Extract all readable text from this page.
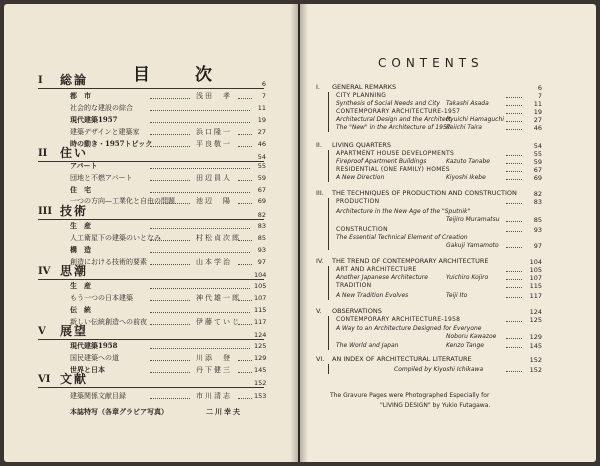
目　次
CONTENTS
I 総論	6
都　市	浅田　孝	7
社会的な建設の綜合	11
現代建築1957	19
建築デザインと建築家	浜口隆一	27
時の動き・1957トピック	平良敬一	46
II 住い	54
アパート	55
団地と不燃アパート	田辺員人	59
住　宅	67
一つの方向—工業化と自由の問題	池辺　陽	69
III 技術	82
生　産	83
人工衛星下の建築のいとなみ	村松貞次郎	85
構　造	93
創造における技術的要素	山本学治	97
IV 思潮	104
生　産	105
もう一つの日本建築	神代雄一郎 107
伝　統	115
新しい伝統創造への前夜	伊藤ていじ 117
V 展望	124
現代建築1958	125
国民建築への道	川添　登	129
世界と日本	丹下健三	145
VI 文献	152
建築関係文献目録	市川清志	153
I. GENERAL REMARKS	6
CITY PLANNING	7
Synthesis of Social Needs and City Takashi Asada	11
CONTEMPORARY ARCHITECTURE-1957	19
Architectural Design and the Architect
Ryuichi Hamaguchi	27
The "New" in the Architecture of 1957
Keiichi Taira	46
II. LIVING QUARTERS	54
APARTMENT HOUSE DEVELOPMENTS	55
Fireproof Apartment Buildings	Kazuto Tanabe	59
RESIDENTIAL (ONE FAMILY) HOMES	67
A New Direction	Kiyoshi Ikebe	69
III. THE TECHNIQUES OF PRODUCTION AND CONSTRUCTION	82
PRODUCTION	83
Architecture in the New Age of the "Sputnik"
Teijiro Muramatsu	85
CONSTRUCTION	93
The Essential Technical Element of Creation
Gakuji Yamamoto	97
IV. THE TREND OF CONTEMPORARY ARCHITECTURE	104
ART AND ARCHITECTURE	105
Another Japanese Architecture	Yuichiro Kojiro	107
TRADITION	115
A New Tradition Evolves	Teiji Ito	117
V. OBSERVATIONS	124
CONTEMPORARY ARCHITECTURE-1958	125
A Way to an Architecture Designed for Everyone
Noboru Kawazoe	129
The World and Japan	Kenzo Tange	145
VI. AN INDEX OF ARCHITECTURAL LITERATURE	152
Compiled by Kiyoshi Ichikawa	152
本誌特写（各章グラビア写真）	二川幸夫
The Gravure Pages were Photographed Especially for
"LIVING DESIGN" by Yukio Futagawa.
